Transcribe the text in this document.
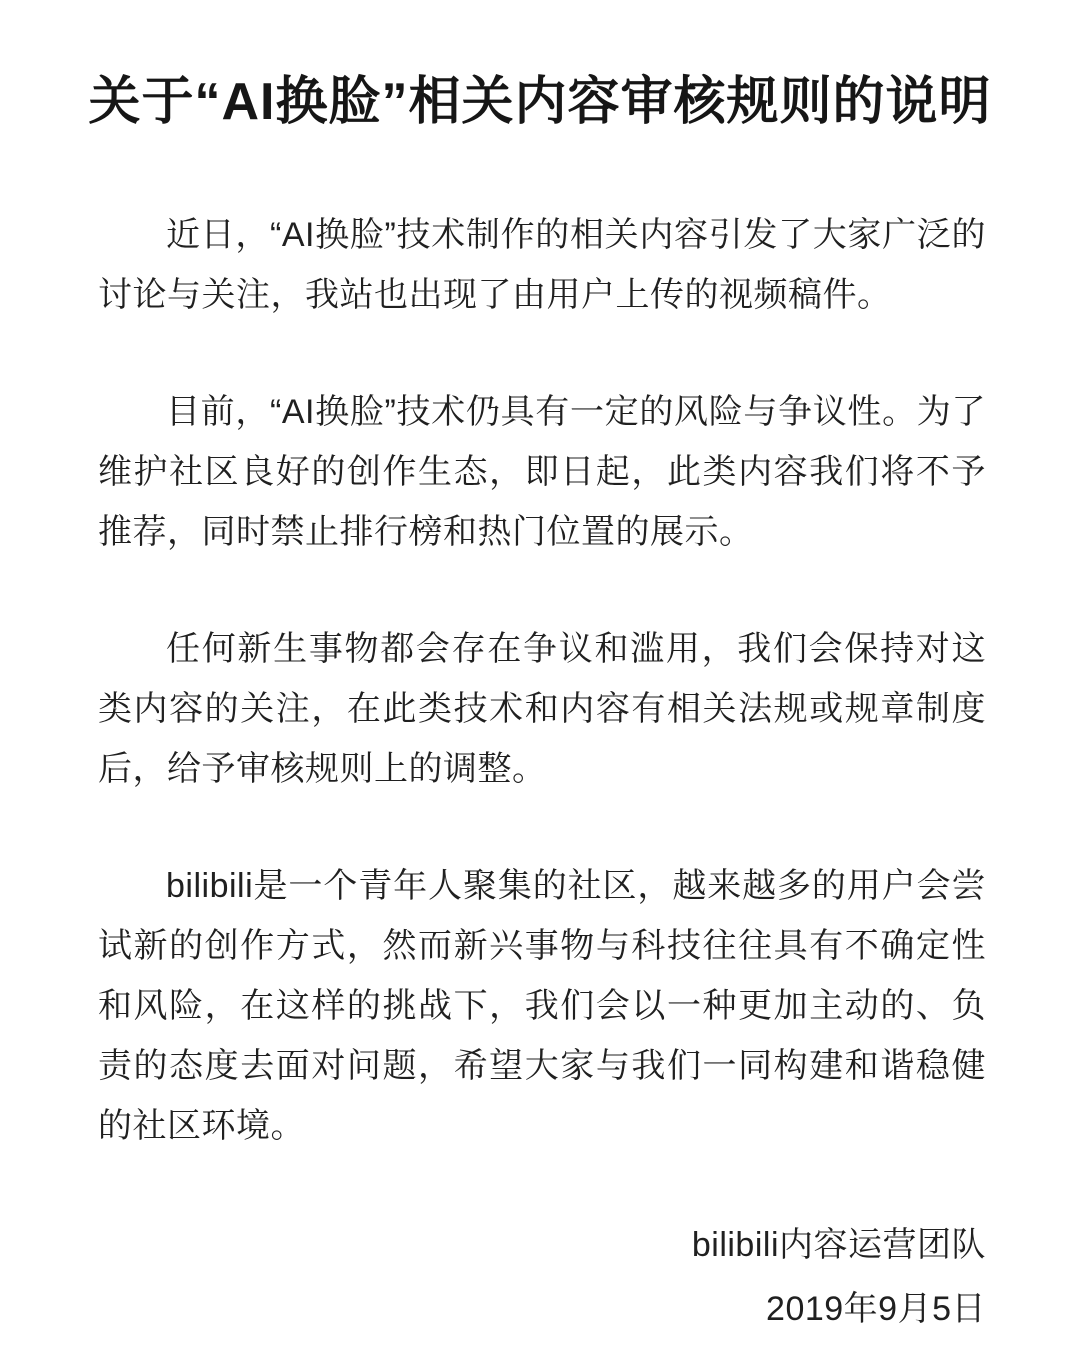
关于“AI换脸”相关内容审核规则的说明

近日，“AI换脸”技术制作的相关内容引发了大家广泛的讨论与关注，我站也出现了由用户上传的视频稿件。

目前，“AI换脸”技术仍具有一定的风险与争议性。为了维护社区良好的创作生态，即日起，此类内容我们将不予推荐，同时禁止排行榜和热门位置的展示。

任何新生事物都会存在争议和滥用，我们会保持对这类内容的关注，在此类技术和内容有相关法规或规章制度后，给予审核规则上的调整。

bilibili是一个青年人聚集的社区，越来越多的用户会尝试新的创作方式，然而新兴事物与科技往往具有不确定性和风险，在这样的挑战下，我们会以一种更加主动的、负责的态度去面对问题，希望大家与我们一同构建和谐稳健的社区环境。

bilibili内容运营团队
2019年9月5日
